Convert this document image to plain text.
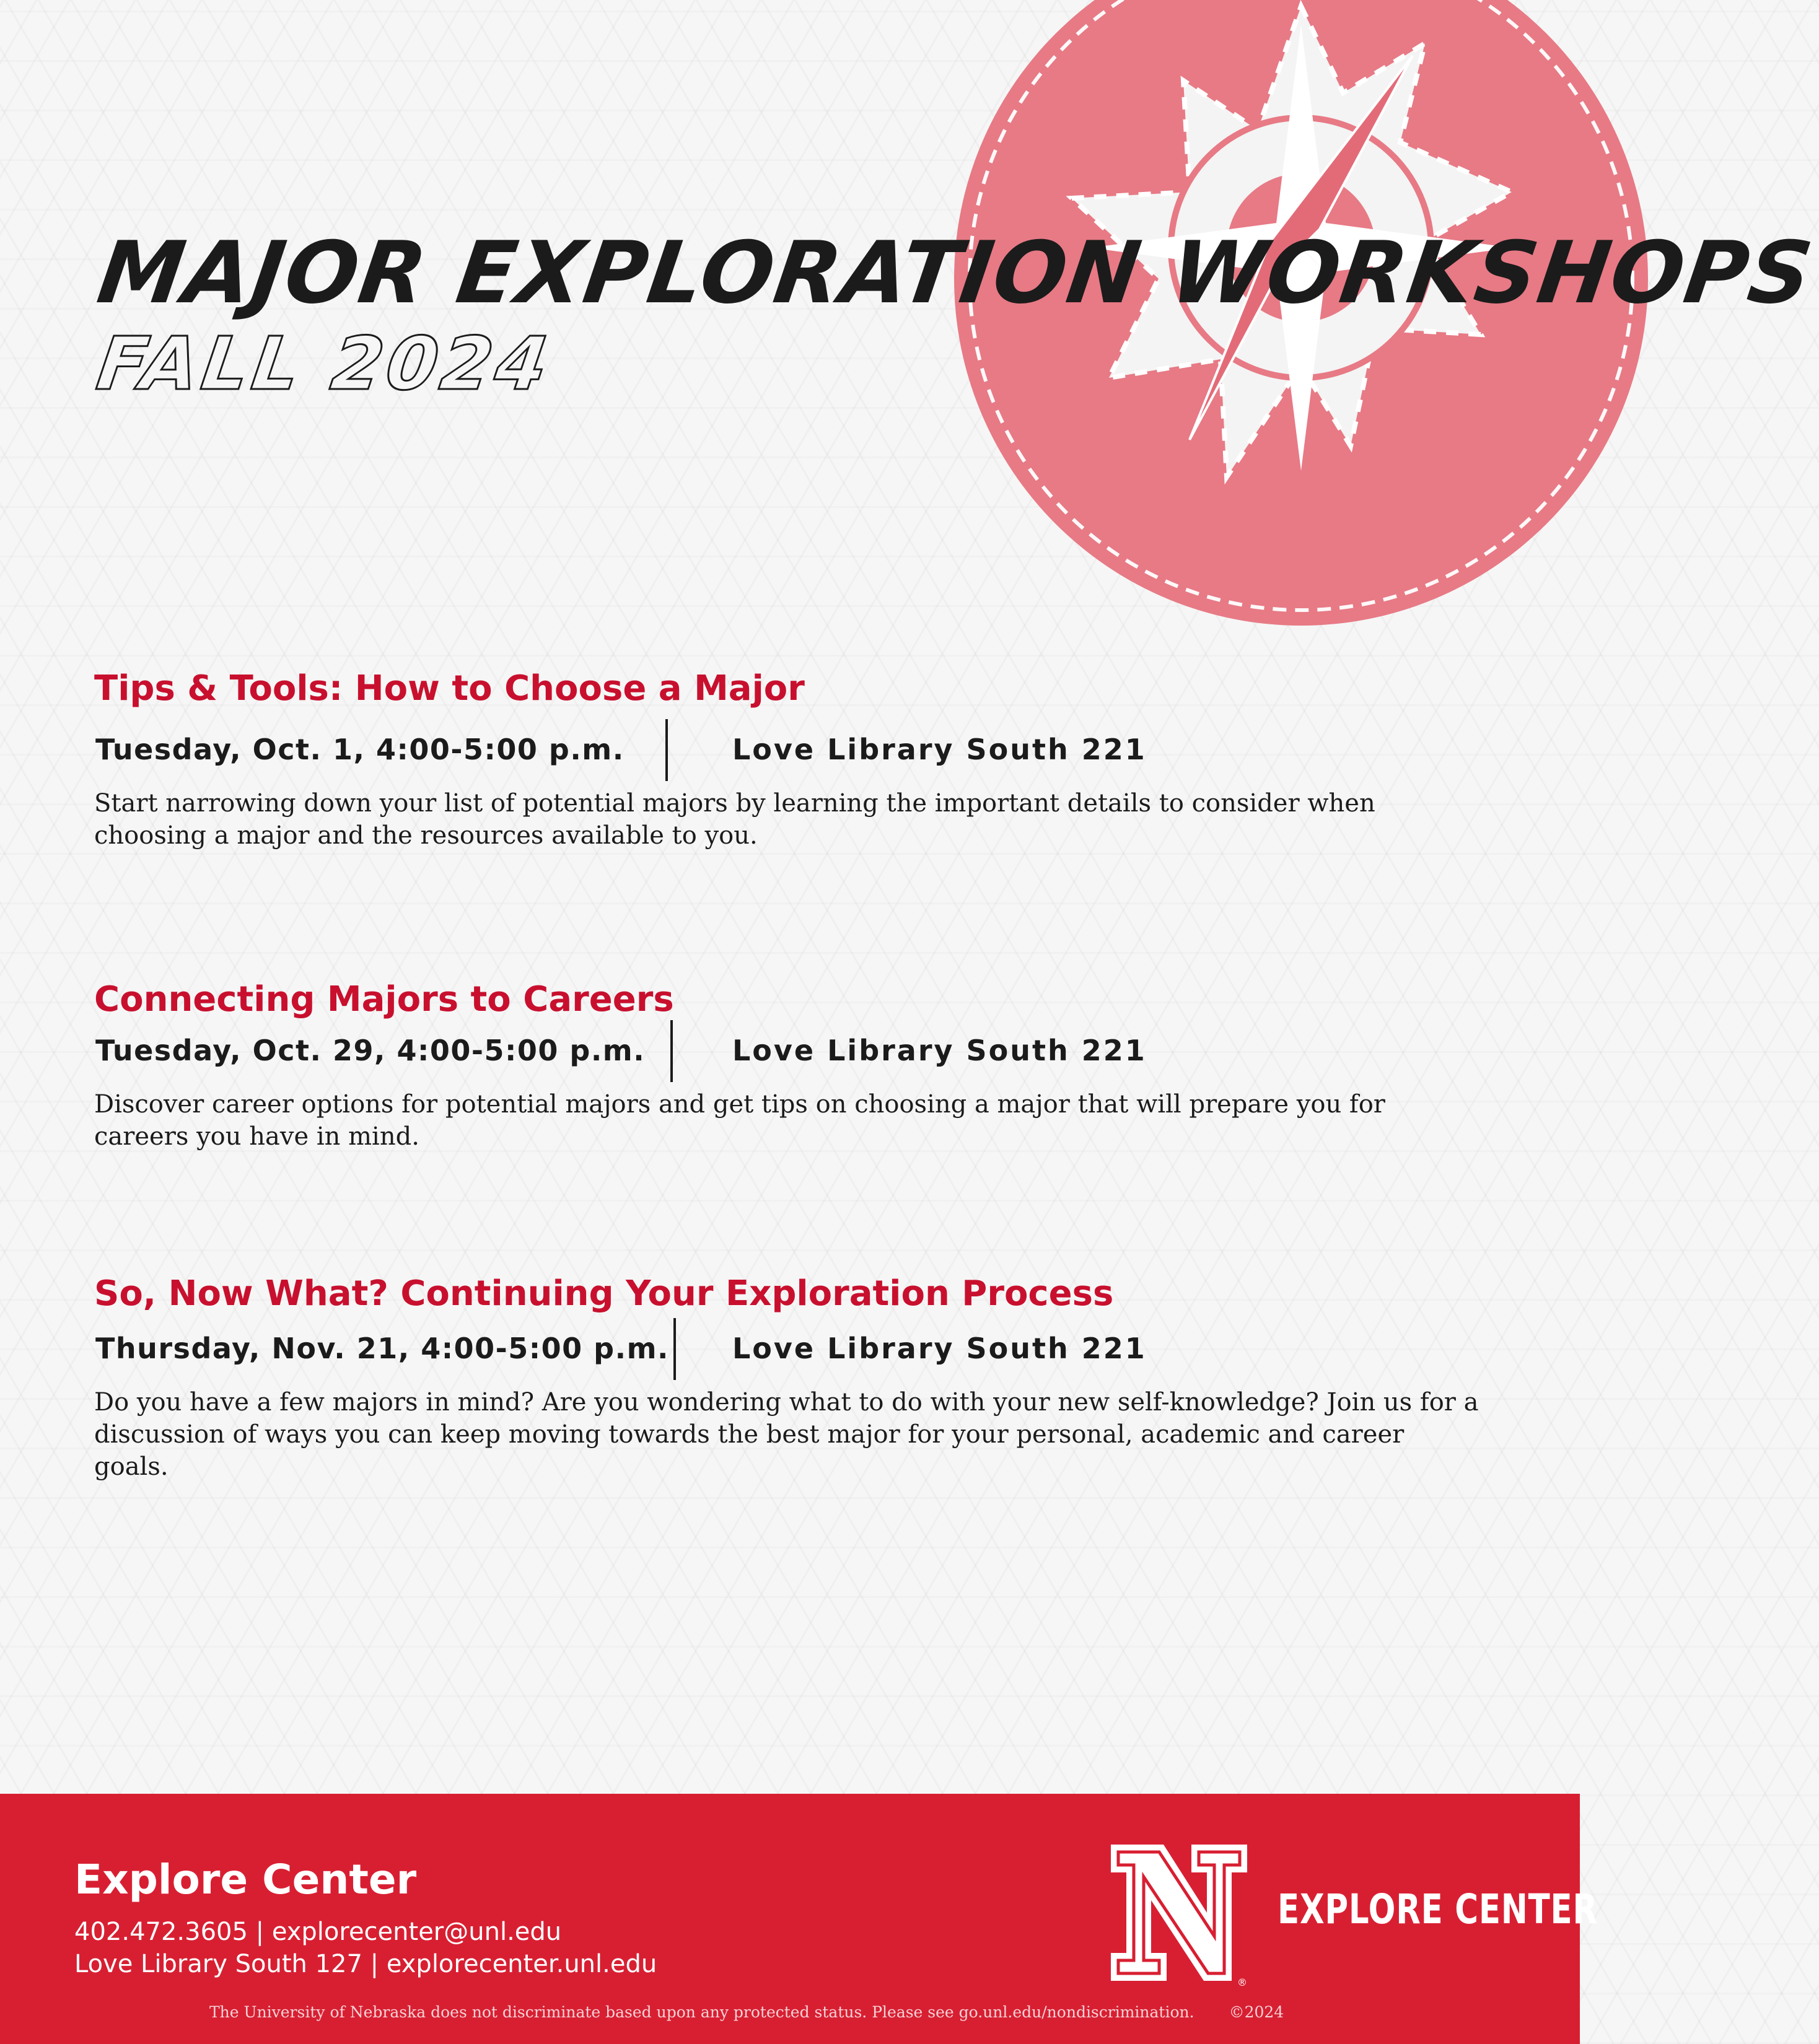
MAJOR EXPLORATION WORKSHOPS
FALL 2024
Tips & Tools: How to Choose a Major
Tuesday, Oct. 1, 4:00-5:00 p.m.	Love Library South 221

Start narrowing down your list of potential majors by learning the important details to consider when choosing a major and the resources available to you.

Connecting Majors to Careers
Tuesday, Oct. 29, 4:00-5:00 p.m.	Love Library South 221

Discover career options for potential majors and get tips on choosing a major that will prepare you for careers you have in mind.

So, Now What? Continuing Your Exploration Process
Thursday, Nov. 21, 4:00-5:00 p.m. Love Library South 221

Do you have a few majors in mind? Are you wondering what to do with your new self-knowledge? Join us for a discussion of ways you can keep moving towards the best major for your personal, academic and career goals.

Explore Center
402.472.3605 | explorecenter@unl.edu
Love Library South 127 | explorecenter.unl.edu
®
EXPLORE CENTER
The University of Nebraska does not discriminate based upon any protected status. Please see go.unl.edu/nondiscrimination. ©2024
